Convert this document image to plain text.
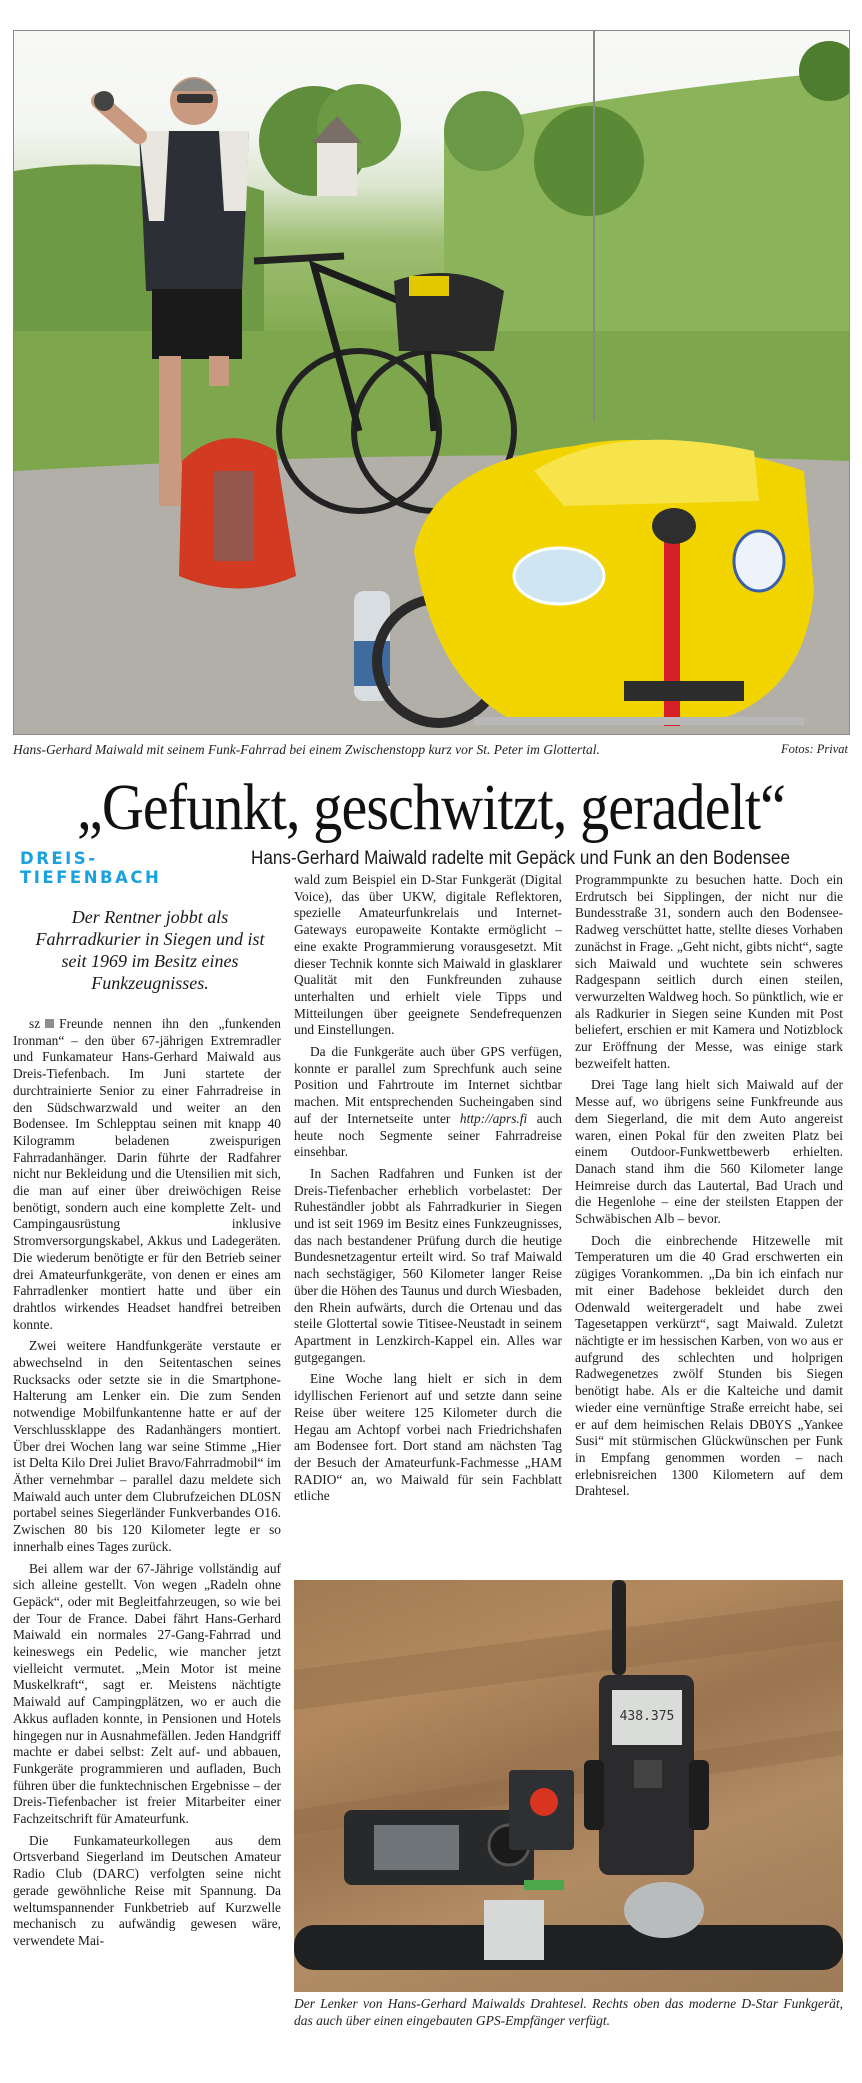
Hans-Gerhard Maiwald mit seinem Funk-Fahrrad bei einem Zwischenstopp kurz vor St. Peter im Glottertal.	Fotos: Privat
„Gefunkt, geschwitzt, geradelt“
DREIS-TIEFENBACH
Hans-Gerhard Maiwald radelte mit Gepäck und Funk an den Bodensee
Der Rentner jobbt als Fahrradkurier in Siegen und ist seit 1969 im Besitz eines Funkzeugnisses.

sz Freunde nennen ihn den „funkenden Ironman“ – den über 67-jährigen Extremradler und Funkamateur Hans-Gerhard Maiwald aus Dreis-Tiefenbach. Im Juni startete der durchtrainierte Senior zu einer Fahrradreise in den Südschwarzwald und weiter an den Bodensee. Im Schlepptau seinen mit knapp 40 Kilogramm beladenen zweispurigen Fahrradanhänger. Darin führte der Radfahrer nicht nur Bekleidung und die Utensilien mit sich, die man auf einer über dreiwöchigen Reise benötigt, sondern auch eine komplette Zelt- und Campingausrüstung inklusive Stromversorgungskabel, Akkus und Ladegeräten. Die wiederum benötigte er für den Betrieb seiner drei Amateurfunkgeräte, von denen er eines am Fahrradlenker montiert hatte und über ein drahtlos wirkendes Headset handfrei betreiben konnte.

Zwei weitere Handfunkgeräte verstaute er abwechselnd in den Seitentaschen seines Rucksacks oder setzte sie in die Smartphone-Halterung am Lenker ein. Die zum Senden notwendige Mobilfunkantenne hatte er auf der Verschlussklappe des Radanhängers montiert. Über drei Wochen lang war seine Stimme „Hier ist Delta Kilo Drei Juliet Bravo/Fahrradmobil“ im Äther vernehmbar – parallel dazu meldete sich Maiwald auch unter dem Clubrufzeichen DL0SN portabel seines Siegerländer Funkverbandes O16. Zwischen 80 bis 120 Kilometer legte er so innerhalb eines Tages zurück.

Bei allem war der 67-Jährige vollständig auf sich alleine gestellt. Von wegen „Radeln ohne Gepäck“, oder mit Begleitfahrzeugen, so wie bei der Tour de France. Dabei fährt Hans-Gerhard Maiwald ein normales 27-Gang-Fahrrad und keineswegs ein Pedelic, wie mancher jetzt vielleicht vermutet. „Mein Motor ist meine Muskelkraft“, sagt er. Meistens nächtigte Maiwald auf Campingplätzen, wo er auch die Akkus aufladen konnte, in Pensionen und Hotels hingegen nur in Ausnahmefällen. Jeden Handgriff machte er dabei selbst: Zelt auf- und abbauen, Funkgeräte programmieren und aufladen, Buch führen über die funktechnischen Ergebnisse – der Dreis-Tiefenbacher ist freier Mitarbeiter einer Fachzeitschrift für Amateurfunk.

Die Funkamateurkollegen aus dem Ortsverband Siegerland im Deutschen Amateur Radio Club (DARC) verfolgten seine nicht gerade gewöhnliche Reise mit Spannung. Da weltumspannender Funkbetrieb auf Kurzwelle mechanisch zu aufwändig gewesen wäre, verwendete Mai-

wald zum Beispiel ein D-Star Funkgerät (Digital Voice), das über UKW, digitale Reflektoren, spezielle Amateurfunkrelais und Internet-Gateways europaweite Kontakte ermöglicht – eine exakte Programmierung vorausgesetzt. Mit dieser Technik konnte sich Maiwald in glasklarer Qualität mit den Funkfreunden zuhause unterhalten und erhielt viele Tipps und Mitteilungen über geeignete Sendefrequenzen und Einstellungen.

Da die Funkgeräte auch über GPS verfügen, konnte er parallel zum Sprechfunk auch seine Position und Fahrtroute im Internet sichtbar machen. Mit entsprechenden Sucheingaben sind auf der Internetseite unter http://aprs.fi auch heute noch Segmente seiner Fahrradreise einsehbar.

In Sachen Radfahren und Funken ist der Dreis-Tiefenbacher erheblich vorbelastet: Der Ruheständler jobbt als Fahrradkurier in Siegen und ist seit 1969 im Besitz eines Funkzeugnisses, das nach bestandener Prüfung durch die heutige Bundesnetzagentur erteilt wird. So traf Maiwald nach sechstägiger, 560 Kilometer langer Reise über die Höhen des Taunus und durch Wiesbaden, den Rhein aufwärts, durch die Ortenau und das steile Glottertal sowie Titisee-Neustadt in seinem Apartment in Lenzkirch-Kappel ein. Alles war gutgegangen.

Eine Woche lang hielt er sich in dem idyllischen Ferienort auf und setzte dann seine Reise über weitere 125 Kilometer durch die Hegau am Achtopf vorbei nach Friedrichshafen am Bodensee fort. Dort stand am nächsten Tag der Besuch der Amateurfunk-Fachmesse „HAM RADIO“ an, wo Maiwald für sein Fachblatt etliche

Programmpunkte zu besuchen hatte. Doch ein Erdrutsch bei Sipplingen, der nicht nur die Bundesstraße 31, sondern auch den Bodensee-Radweg verschüttet hatte, stellte dieses Vorhaben zunächst in Frage. „Geht nicht, gibts nicht“, sagte sich Maiwald und wuchtete sein schweres Radgespann seitlich durch einen steilen, verwurzelten Waldweg hoch. So pünktlich, wie er als Radkurier in Siegen seine Kunden mit Post beliefert, erschien er mit Kamera und Notizblock zur Eröffnung der Messe, was einige stark bezweifelt hatten.

Drei Tage lang hielt sich Maiwald auf der Messe auf, wo übrigens seine Funkfreunde aus dem Siegerland, die mit dem Auto angereist waren, einen Pokal für den zweiten Platz bei einem Outdoor-Funkwettbewerb erhielten. Danach stand ihm die 560 Kilometer lange Heimreise durch das Lautertal, Bad Urach und die Hegenlohe – eine der steilsten Etappen der Schwäbischen Alb – bevor.

Doch die einbrechende Hitzewelle mit Temperaturen um die 40 Grad erschwerten ein zügiges Vorankommen. „Da bin ich einfach nur mit einer Badehose bekleidet durch den Odenwald weitergeradelt und habe zwei Tagesetappen verkürzt“, sagt Maiwald. Zuletzt nächtigte er im hessischen Karben, von wo aus er aufgrund des schlechten und holprigen Radwegenetzes zwölf Stunden bis Siegen benötigt habe. Als er die Kalteiche und damit wieder eine vernünftige Straße erreicht habe, sei er auf dem heimischen Relais DB0YS „Yankee Susi“ mit stürmischen Glückwünschen per Funk in Empfang genommen worden – nach erlebnisreichen 1300 Kilometern auf dem Drahtesel.

438.375
Der Lenker von Hans-Gerhard Maiwalds Drahtesel. Rechts oben das moderne D-Star Funkgerät, das auch über einen eingebauten GPS-Empfänger verfügt.
